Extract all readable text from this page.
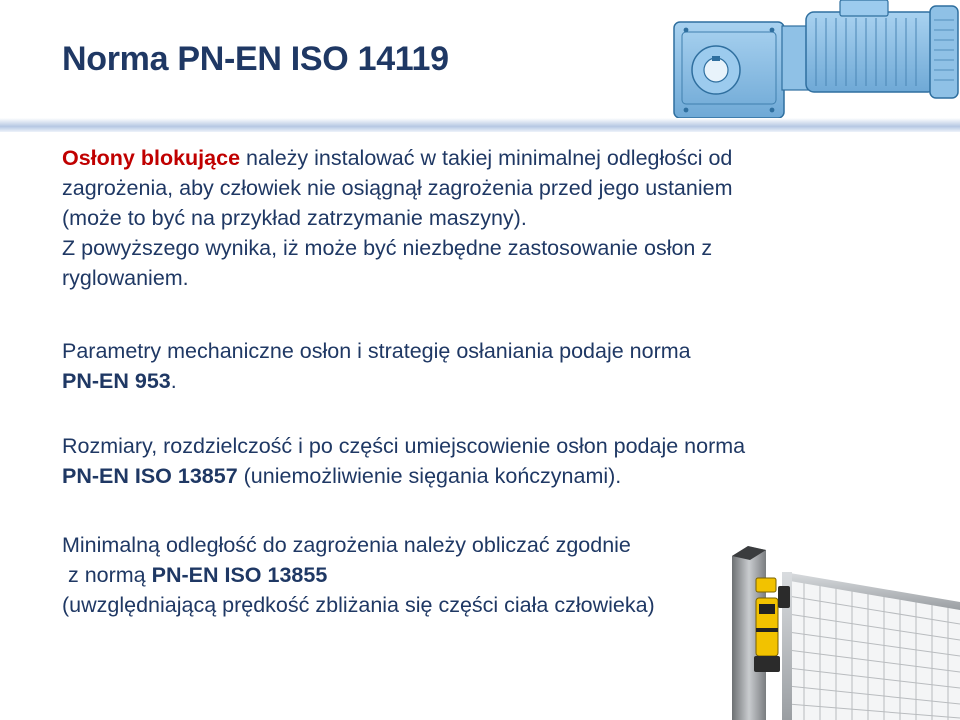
Norma PN-EN ISO 14119

Osłony blokujące należy instalować w takiej minimalnej odległości od

zagrożenia, aby człowiek nie osiągnął zagrożenia przed jego ustaniem

(może to być na przykład zatrzymanie maszyny).

Z powyższego wynika, iż może być niezbędne zastosowanie osłon z

ryglowaniem.

Parametry mechaniczne osłon i strategię osłaniania podaje norma

PN-EN 953.

Rozmiary, rozdzielczość i po części umiejscowienie osłon podaje norma

PN-EN ISO 13857 (uniemożliwienie sięgania kończynami).

Minimalną odległość do zagrożenia należy obliczać zgodnie

z normą PN-EN ISO 13855

(uwzględniającą prędkość zbliżania się części ciała człowieka)
